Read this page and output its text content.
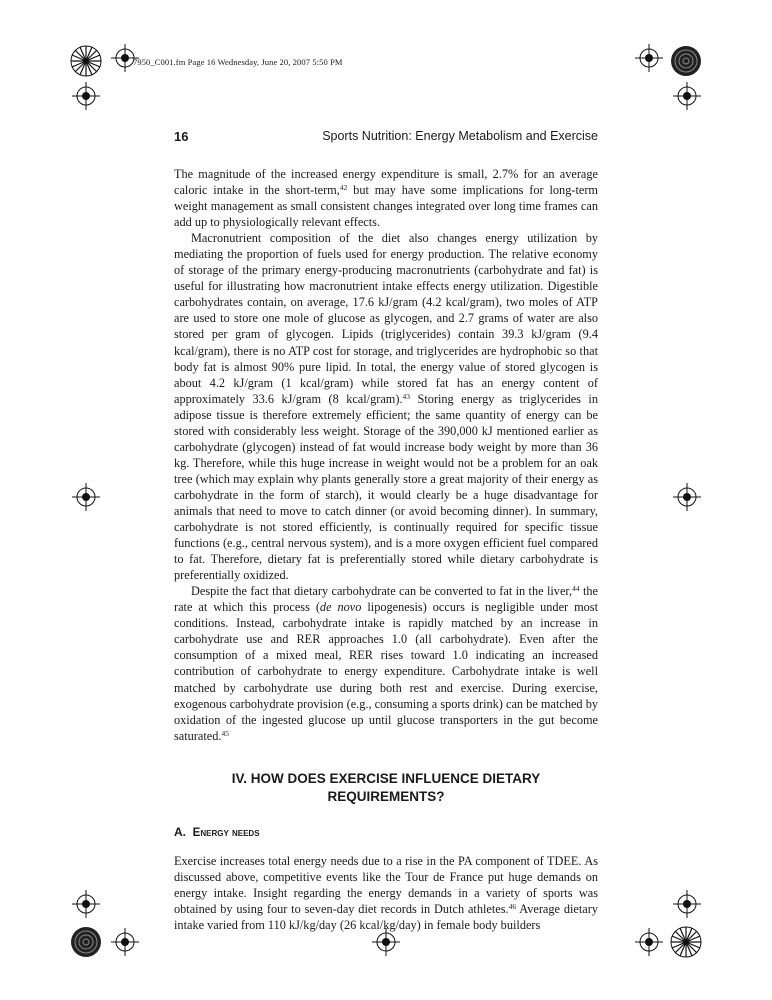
7950_C001.fm Page 16 Wednesday, June 20, 2007 5:50 PM
16	Sports Nutrition: Energy Metabolism and Exercise

The magnitude of the increased energy expenditure is small, 2.7% for an average caloric intake in the short-term,$^{42}$ but may have some implications for long-term weight management as small consistent changes integrated over long time frames can add up to physiologically relevant effects.

Macronutrient composition of the diet also changes energy utilization by mediating the proportion of fuels used for energy production. The relative economy of storage of the primary energy-producing macronutrients (carbohydrate and fat) is useful for illustrating how macronutrient intake effects energy utilization. Digestible carbohydrates contain, on average, 17.6 kJ/gram (4.2 kcal/gram), two moles of ATP are used to store one mole of glucose as glycogen, and 2.7 grams of water are also stored per gram of glycogen. Lipids (triglycerides) contain 39.3 kJ/gram (9.4 kcal/gram), there is no ATP cost for storage, and triglycerides are hydrophobic so that body fat is almost 90% pure lipid. In total, the energy value of stored glycogen is about 4.2 kJ/gram (1 kcal/gram) while stored fat has an energy content of approximately 33.6 kJ/gram (8 kcal/gram).$^{43}$ Storing energy as triglycerides in adipose tissue is therefore extremely efficient; the same quantity of energy can be stored with considerably less weight. Storage of the 390,000 kJ mentioned earlier as carbohydrate (glycogen) instead of fat would increase body weight by more than 36 kg. Therefore, while this huge increase in weight would not be a problem for an oak tree (which may explain why plants generally store a great majority of their energy as carbohydrate in the form of starch), it would clearly be a huge disadvantage for animals that need to move to catch dinner (or avoid becoming dinner). In summary, carbohydrate is not stored efficiently, is continually required for specific tissue functions (e.g., central nervous system), and is a more oxygen efficient fuel compared to fat. Therefore, dietary fat is preferentially stored while dietary carbohydrate is preferentially oxidized.

Despite the fact that dietary carbohydrate can be converted to fat in the liver,$^{44}$ the rate at which this process (de novo lipogenesis) occurs is negligible under most conditions. Instead, carbohydrate intake is rapidly matched by an increase in carbohydrate use and RER approaches 1.0 (all carbohydrate). Even after the consumption of a mixed meal, RER rises toward 1.0 indicating an increased contribution of carbohydrate to energy expenditure. Carbohydrate intake is well matched by carbohydrate use during both rest and exercise. During exercise, exogenous carbohydrate provision (e.g., consuming a sports drink) can be matched by oxidation of the ingested glucose up until glucose transporters in the gut become saturated.$^{45}$

IV. HOW DOES EXERCISE INFLUENCE DIETARY
REQUIREMENTS?
A. Energy needs

Exercise increases total energy needs due to a rise in the PA component of TDEE. As discussed above, competitive events like the Tour de France put huge demands on energy intake. Insight regarding the energy demands in a variety of sports was obtained by using four to seven-day diet records in Dutch athletes.$^{46}$ Average dietary intake varied from 110 kJ/kg/day (26 kcal/kg/day) in female body builders
